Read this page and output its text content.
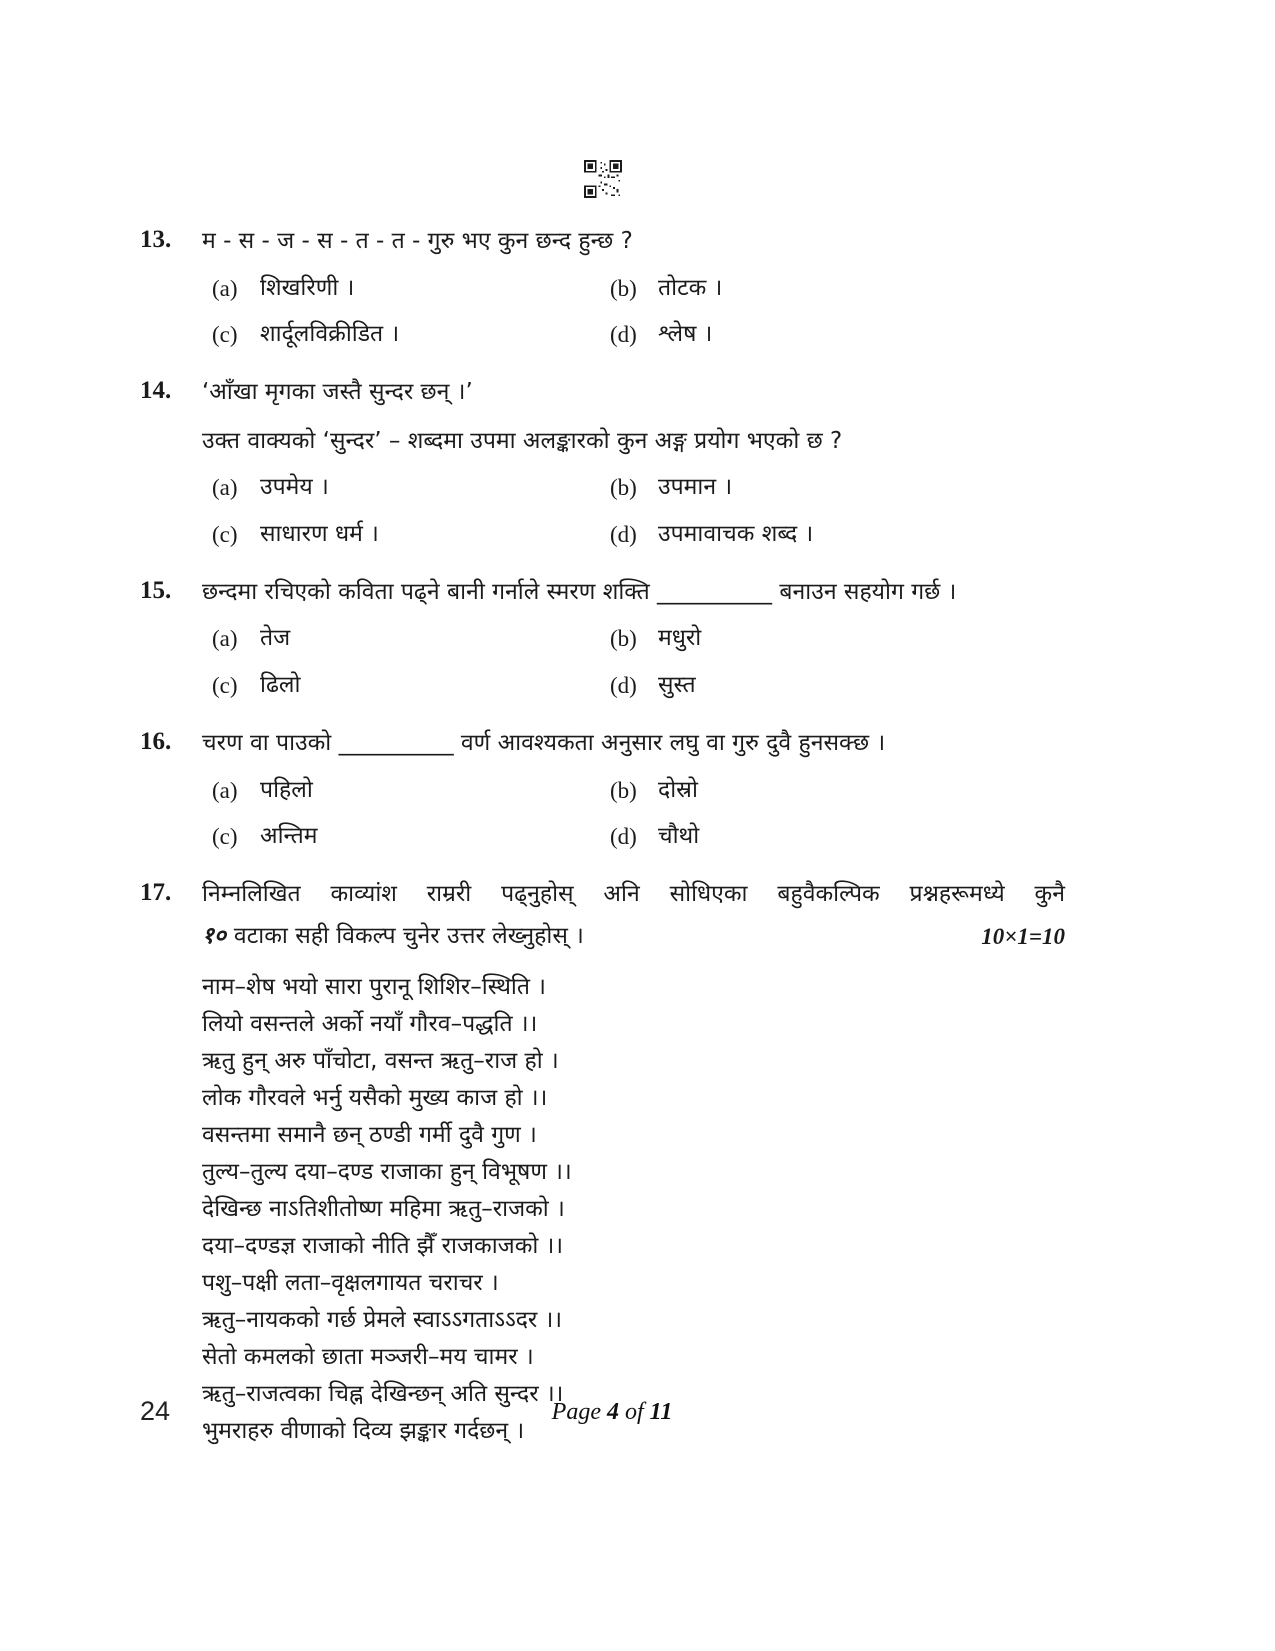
13.	म - स - ज - स - त - त - गुरु भए कुन छन्द हुन्छ ?
(a) शिखरिणी ।	(b) तोटक ।
(c) शार्दूलविक्रीडित ।	(d) श्लेष ।
14.	‘आँखा मृगका जस्तै सुन्दर छन् ।’
उक्त वाक्यको ‘सुन्दर’ – शब्दमा उपमा अलङ्कारको कुन अङ्ग प्रयोग भएको छ ?
(a) उपमेय ।	(b) उपमान ।
(c) साधारण धर्म ।	(d) उपमावाचक शब्द ।
15.	छन्दमा रचिएको कविता पढ्ने बानी गर्नाले स्मरण शक्ति __________ बनाउन सहयोग गर्छ ।
(a) तेज	(b) मधुरो
(c) ढिलो	(d) सुस्त
16.	चरण वा पाउको __________ वर्ण आवश्यकता अनुसार लघु वा गुरु दुवै हुनसक्छ ।
(a) पहिलो	(b) दोस्रो
(c) अन्तिम	(d) चौथो
17.	निम्नलिखित काव्यांश राम्ररी पढ्नुहोस् अनि सोधिएका बहुवैकल्पिक प्रश्नहरूमध्ये कुनै
१० वटाका सही विकल्प चुनेर उत्तर लेख्नुहोस् ।	10×1=10
नाम–शेष भयो सारा पुरानू शिशिर–स्थिति ।
लियो वसन्तले अर्को नयाँ गौरव–पद्धति ।।
ऋतु हुन् अरु पाँचोटा, वसन्त ऋतु–राज हो ।
लोक गौरवले भर्नु यसैको मुख्य काज हो ।।
वसन्तमा समानै छन् ठण्डी गर्मी दुवै गुण ।
तुल्य–तुल्य दया–दण्ड राजाका हुन् विभूषण ।।
देखिन्छ नाऽतिशीतोष्ण महिमा ऋतु–राजको ।
दया–दण्डज्ञ राजाको नीति झैँ राजकाजको ।।
पशु–पक्षी लता–वृक्षलगायत चराचर ।
ऋतु–नायकको गर्छ प्रेमले स्वाऽऽगताऽऽदर ।।
सेतो कमलको छाता मञ्जरी–मय चामर ।
ऋतु–राजत्वका चिह्न देखिन्छन् अति सुन्दर ।।
भुमराहरु वीणाको दिव्य झङ्कार गर्दछन् ।
24	Page 4 of 11
